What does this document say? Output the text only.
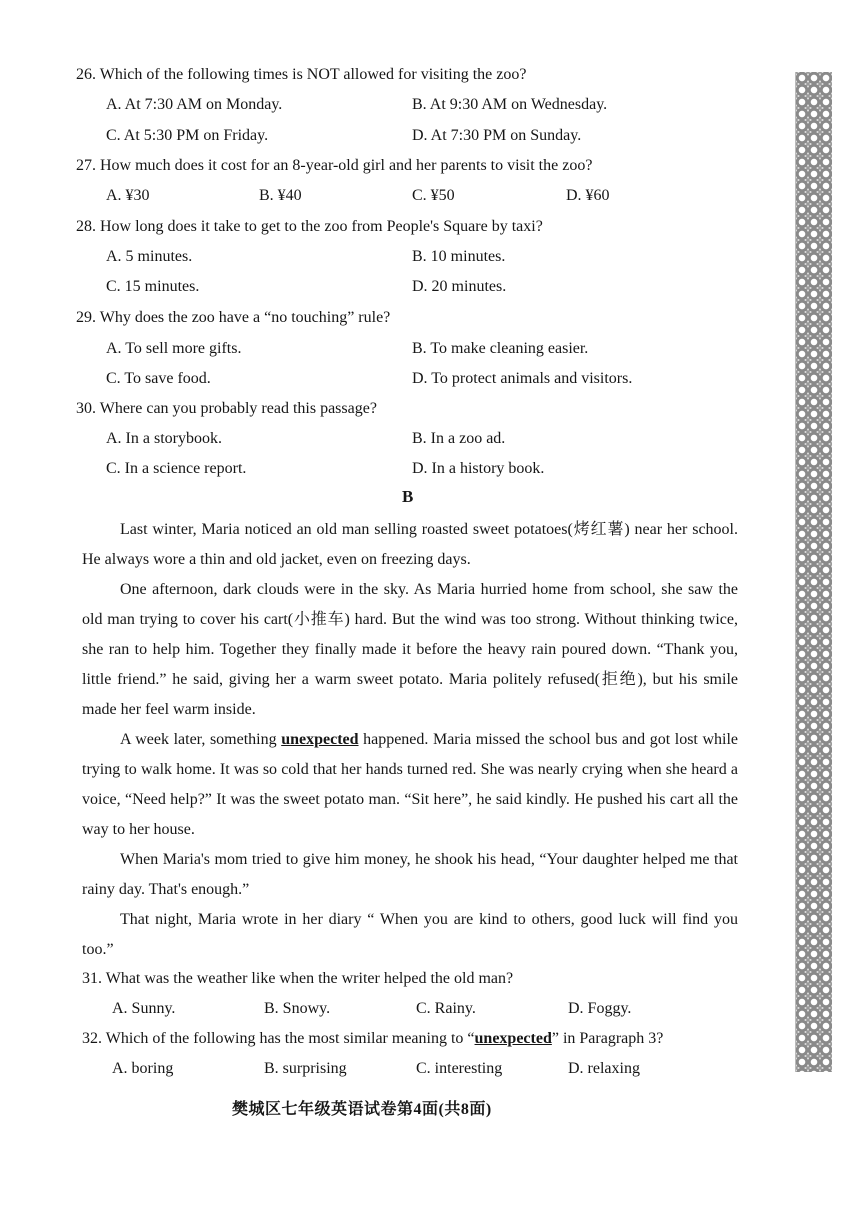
26. Which of the following times is NOT allowed for visiting the zoo?
A. At 7:30 AM on Monday.	B. At 9:30 AM on Wednesday.
C. At 5:30 PM on Friday.	D. At 7:30 PM on Sunday.
27. How much does it cost for an 8-year-old girl and her parents to visit the zoo?
A. ¥30	B. ¥40	C. ¥50	D. ¥60
28. How long does it take to get to the zoo from People's Square by taxi?
A. 5 minutes.	B. 10 minutes.
C. 15 minutes.	D. 20 minutes.
29. Why does the zoo have a “no touching” rule?
A. To sell more gifts.	B. To make cleaning easier.
C. To save food.	D. To protect animals and visitors.
30. Where can you probably read this passage?
A. In a storybook.	B. In a zoo ad.
C. In a science report.	D. In a history book.
B
Last winter, Maria noticed an old man selling roasted sweet potatoes(烤红薯) near her school. He always wore a thin and old jacket, even on freezing days.
One afternoon, dark clouds were in the sky. As Maria hurried home from school, she saw the old man trying to cover his cart(小推车) hard. But the wind was too strong. Without thinking twice, she ran to help him. Together they finally made it before the heavy rain poured down. “Thank you, little friend.” he said, giving her a warm sweet potato. Maria politely refused(拒绝), but his smile made her feel warm inside.
A week later, something unexpected happened. Maria missed the school bus and got lost while trying to walk home. It was so cold that her hands turned red. She was nearly crying when she heard a voice, “Need help?” It was the sweet potato man. “Sit here”, he said kindly. He pushed his cart all the way to her house.
When Maria's mom tried to give him money, he shook his head, “Your daughter helped me that rainy day. That's enough.”
That night, Maria wrote in her diary “ When you are kind to others, good luck will find you too.”
31. What was the weather like when the writer helped the old man?
A. Sunny.	B. Snowy.	C. Rainy.	D. Foggy.
32. Which of the following has the most similar meaning to “unexpected” in Paragraph 3?
A. boring	B. surprising	C. interesting	D. relaxing
樊城区七年级英语试卷第4面(共8面)
